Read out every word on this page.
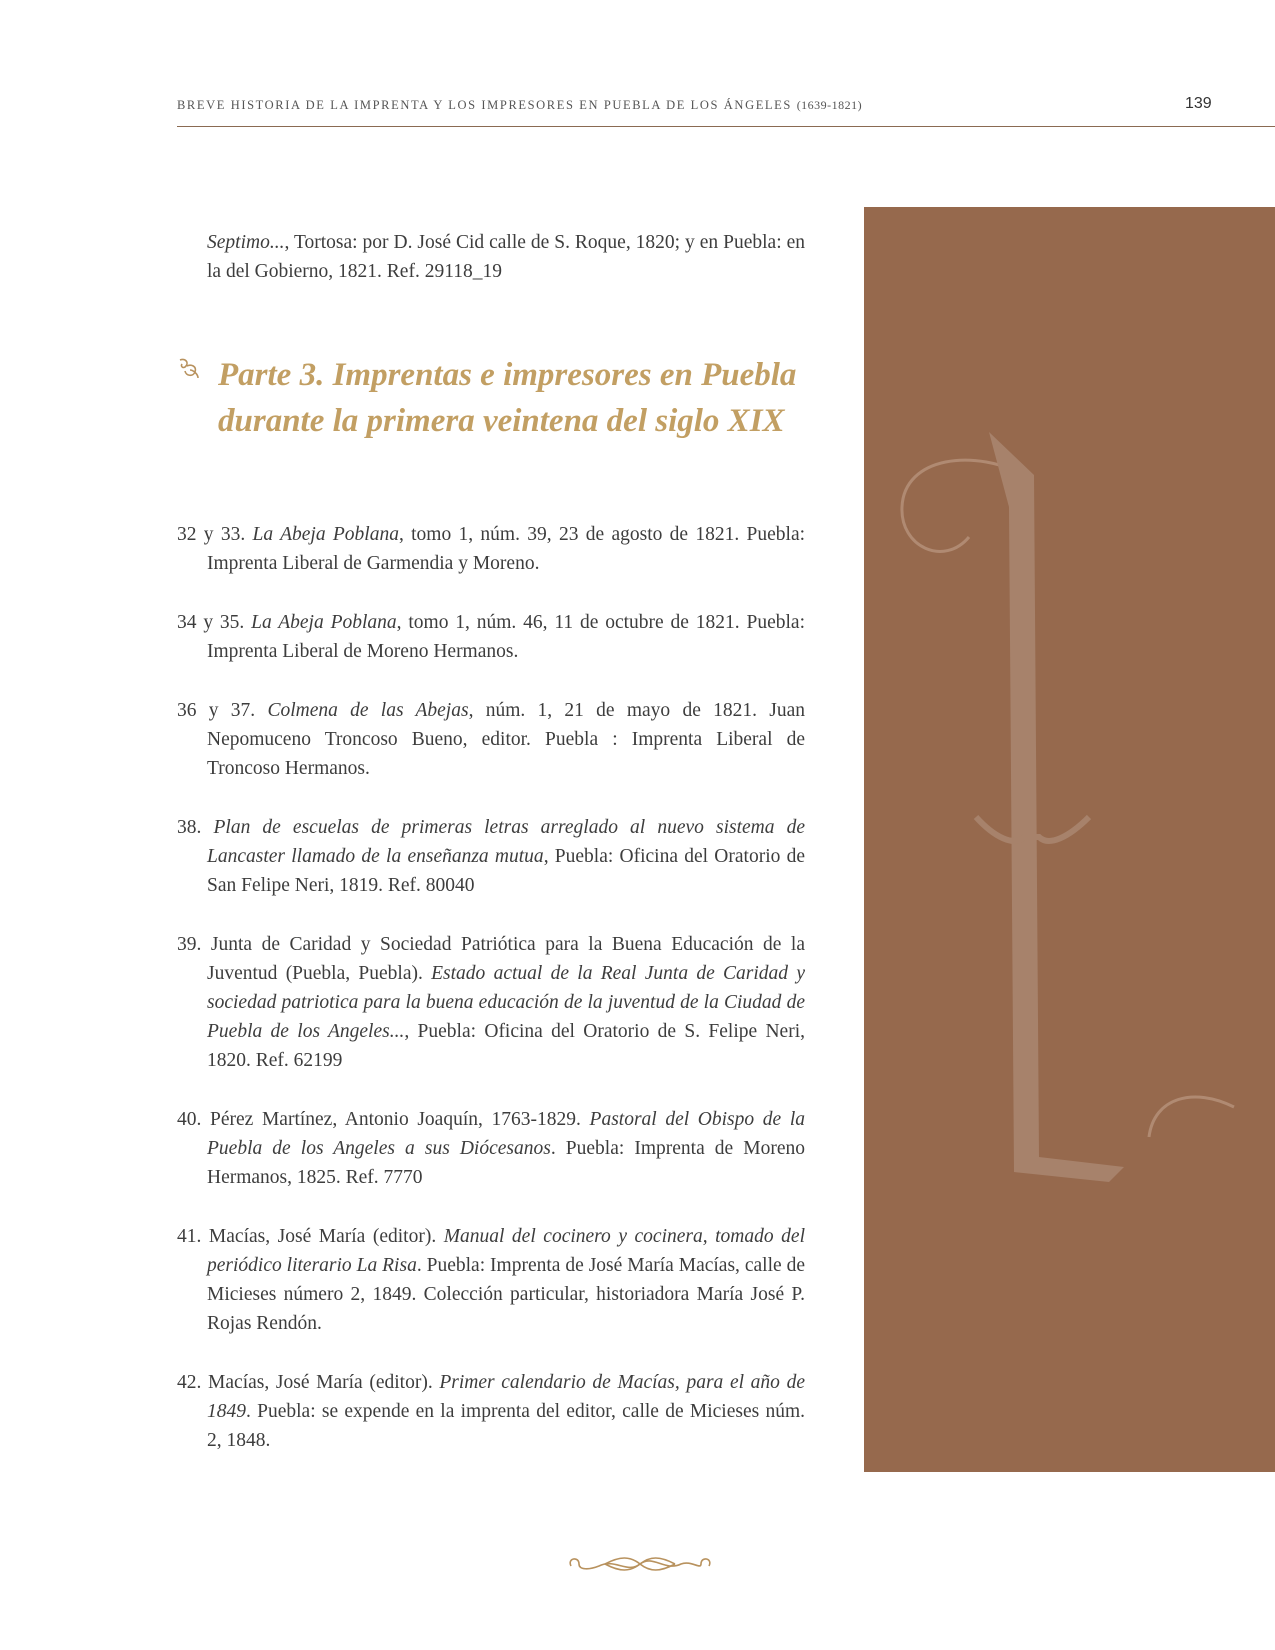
BREVE HISTORIA DE LA IMPRENTA Y LOS IMPRESORES EN PUEBLA DE LOS ÁNGELES (1639-1821)	139

Septimo..., Tortosa: por D. José Cid calle de S. Roque, 1820; y en Puebla: en la del Gobierno, 1821. Ref. 29118_19

Parte 3. Imprentas e impresores en Puebla durante la primera veintena del siglo XIX

32 y 33. La Abeja Poblana, tomo 1, núm. 39, 23 de agosto de 1821. Puebla: Imprenta Liberal de Garmendia y Moreno.

34 y 35. La Abeja Poblana, tomo 1, núm. 46, 11 de octubre de 1821. Puebla: Imprenta Liberal de Moreno Hermanos.

36 y 37. Colmena de las Abejas, núm. 1, 21 de mayo de 1821. Juan Nepomuceno Troncoso Bueno, editor. Puebla : Imprenta Liberal de Troncoso Hermanos.

38. Plan de escuelas de primeras letras arreglado al nuevo sistema de Lancaster llamado de la enseñanza mutua, Puebla: Oficina del Oratorio de San Felipe Neri, 1819. Ref. 80040

39. Junta de Caridad y Sociedad Patriótica para la Buena Educación de la Juventud (Puebla, Puebla). Estado actual de la Real Junta de Caridad y sociedad patriotica para la buena educación de la juventud de la Ciudad de Puebla de los Angeles..., Puebla: Oficina del Oratorio de S. Felipe Neri, 1820. Ref. 62199

40. Pérez Martínez, Antonio Joaquín, 1763-1829. Pastoral del Obispo de la Puebla de los Angeles a sus Diócesanos. Puebla: Imprenta de Moreno Hermanos, 1825. Ref. 7770

41. Macías, José María (editor). Manual del cocinero y cocinera, tomado del periódico literario La Risa. Puebla: Imprenta de José María Macías, calle de Micieses número 2, 1849. Colección particular, historiadora María José P. Rojas Rendón.

42. Macías, José María (editor). Primer calendario de Macías, para el año de 1849. Puebla: se expende en la imprenta del editor, calle de Micieses núm. 2, 1848.
